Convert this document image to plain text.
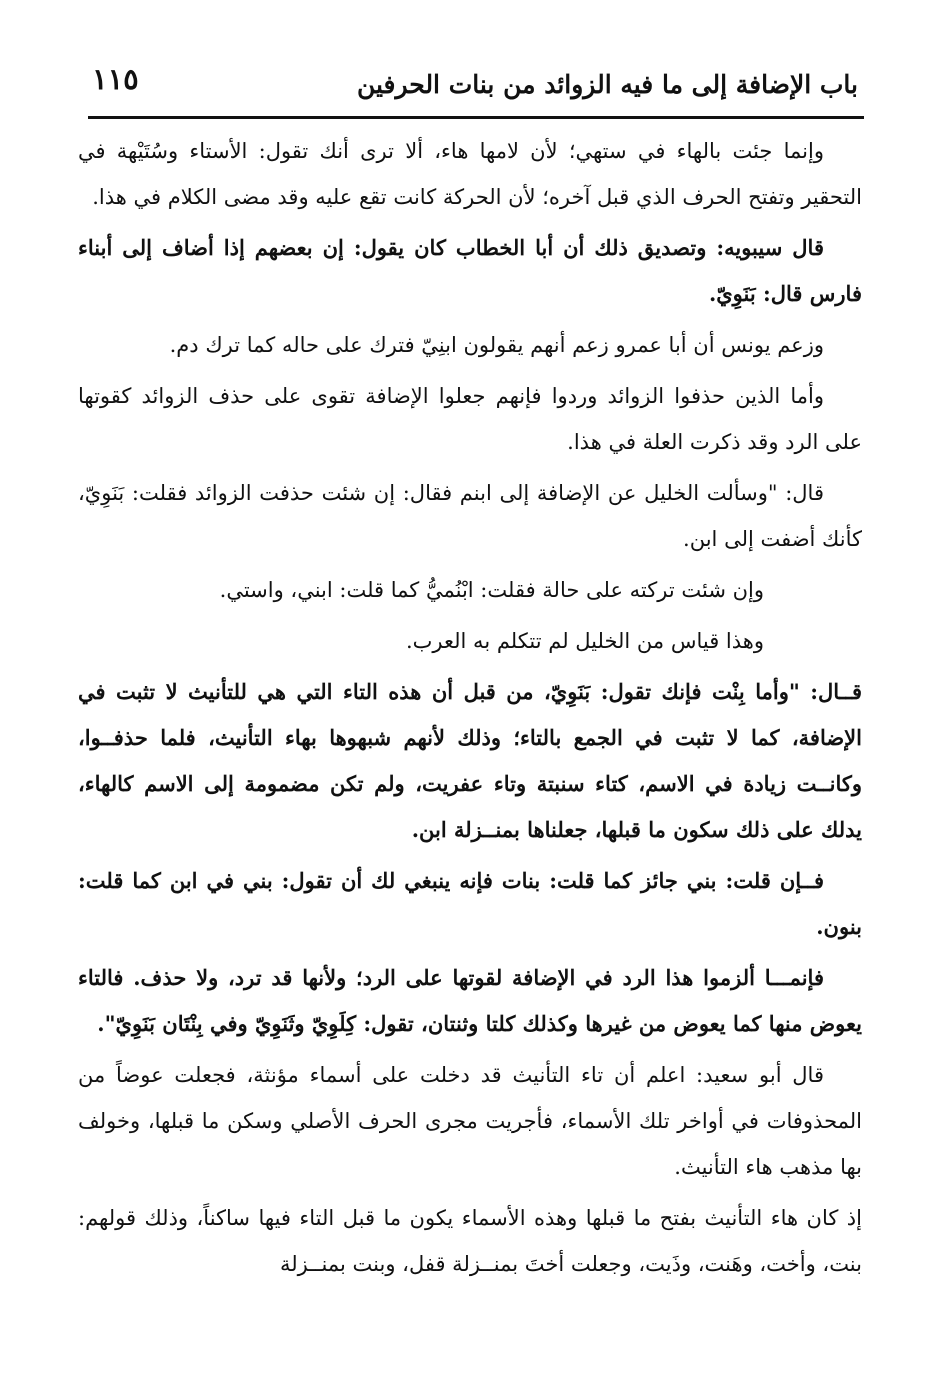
باب الإضافة إلى ما فيه الزوائد من بنات الحرفين
١١٥

وإنما جئت بالهاء في ستهي؛ لأن لامها هاء، ألا ترى أنك تقول: الأستاء وسُتَيْهة في التحقير وتفتح الحرف الذي قبل آخره؛ لأن الحركة كانت تقع عليه وقد مضى الكلام في هذا.

قال سيبويه: وتصديق ذلك أن أبا الخطاب كان يقول: إن بعضهم إذا أضاف إلى أبناء فارس قال: بَنَوِيّ.

وزعم يونس أن أبا عمرو زعم أنهم يقولون ابنِيّ فترك على حاله كما ترك دم.

وأما الذين حذفوا الزوائد وردوا فإنهم جعلوا الإضافة تقوى على حذف الزوائد كقوتها على الرد وقد ذكرت العلة في هذا.

قال: "وسألت الخليل عن الإضافة إلى ابنم فقال: إن شئت حذفت الزوائد فقلت: بَنَوِيّ، كأنك أضفت إلى ابن.

وإن شئت تركته على حالة فقلت: ابْنُميُّ كما قلت: ابني، واستي.

وهذا قياس من الخليل لم تتكلم به العرب.

قــال: "وأما بِنْت فإنك تقول: بَنَوِيّ، من قبل أن هذه التاء التي هي للتأنيث لا تثبت في الإضافة، كما لا تثبت في الجمع بالتاء؛ وذلك لأنهم شبهوها بهاء التأنيث، فلما حذفــوا، وكانــت زيادة في الاسم، كتاء سنبتة وتاء عفريت، ولم تكن مضمومة إلى الاسم كالهاء، يدلك على ذلك سكون ما قبلها، جعلناها بمنــزلة ابن.

فــإن قلت: بني جائز كما قلت: بنات فإنه ينبغي لك أن تقول: بني في ابن كما قلت: بنون.

فإنمـــا ألزموا هذا الرد في الإضافة لقوتها على الرد؛ ولأنها قد ترد، ولا حذف. فالتاء يعوض منها كما يعوض من غيرها وكذلك كلتا وثنتان، تقول: كِلَوِيّ وثَنَوِيّ وفي بِنْتَان بَنَوِيّ".

قال أبو سعيد: اعلم أن تاء التأنيث قد دخلت على أسماء مؤنثة، فجعلت عوضاً من المحذوفات في أواخر تلك الأسماء، فأجريت مجرى الحرف الأصلي وسكن ما قبلها، وخولف بها مذهب هاء التأنيث.

إذ كان هاء التأنيث بفتح ما قبلها وهذه الأسماء يكون ما قبل التاء فيها ساكناً، وذلك قولهم: بنت، وأخت، وهَنت، وذَيت، وجعلت أختَ بمنــزلة قفل، وبنت بمنــزلة
